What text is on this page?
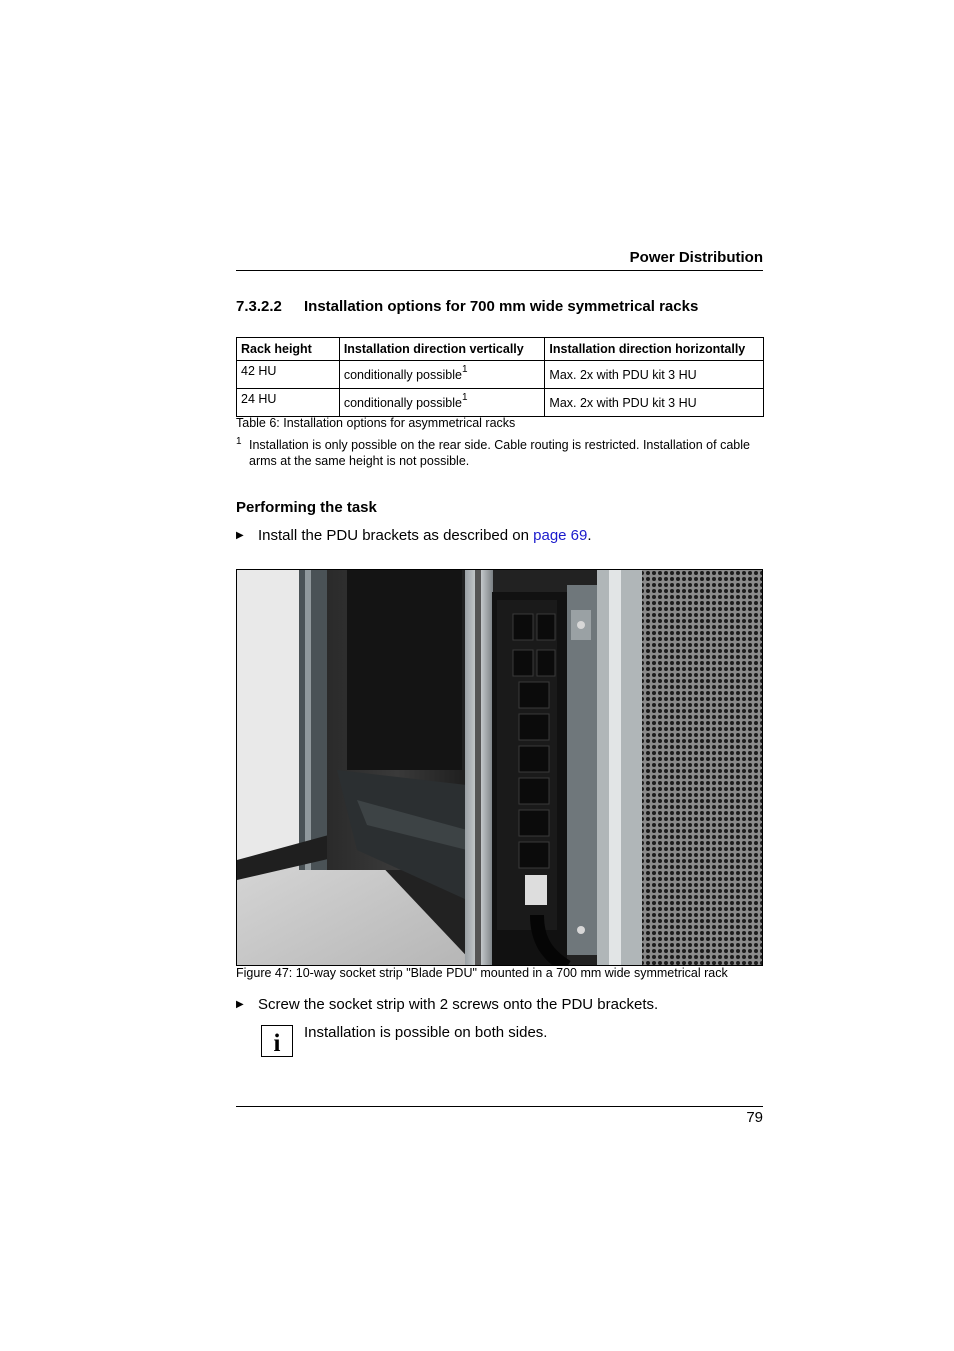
Power Distribution
7.3.2.2 Installation options for 700 mm wide symmetrical racks
Rack height	Installation direction vertically	Installation direction horizontally
42 HU	conditionally possible$^1$	Max. 2x with PDU kit 3 HU
24 HU	conditionally possible$^1$	Max. 2x with PDU kit 3 HU
Table 6: Installation options for asymmetrical racks
1 Installation is only possible on the rear side. Cable routing is restricted. Installation of cable arms at the same height is not possible.
Performing the task
▶ Install the PDU brackets as described on page 69.
Figure 47: 10-way socket strip "Blade PDU" mounted in a 700 mm wide symmetrical rack
▶ Screw the socket strip with 2 screws onto the PDU brackets.
i	Installation is possible on both sides.
79
